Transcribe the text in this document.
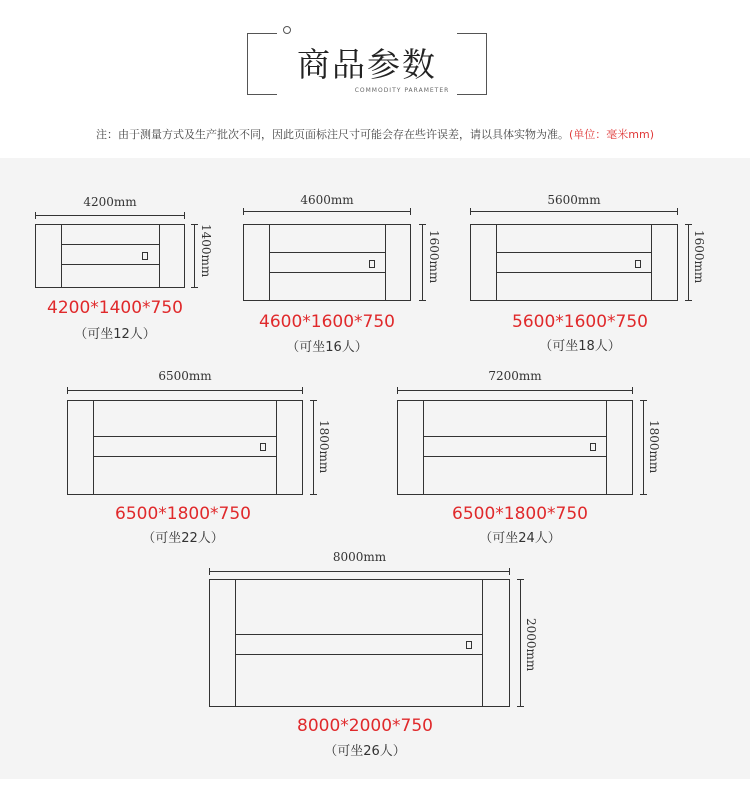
商品参数
COMMODITY PARAMETER
注：由于测量方式及生产批次不同，因此页面标注尺寸可能会存在些许误差，请以具体实物为准。(单位：毫米mm)
4200mm
1400mm
4200*1400*750
（可坐12人）
4600mm
1600mm
4600*1600*750
（可坐16人）
5600mm
1600mm
5600*1600*750
（可坐18人）
6500mm
1800mm
6500*1800*750
（可坐22人）
7200mm
1800mm
6500*1800*750
（可坐24人）
8000mm
2000mm
8000*2000*750
（可坐26人）
